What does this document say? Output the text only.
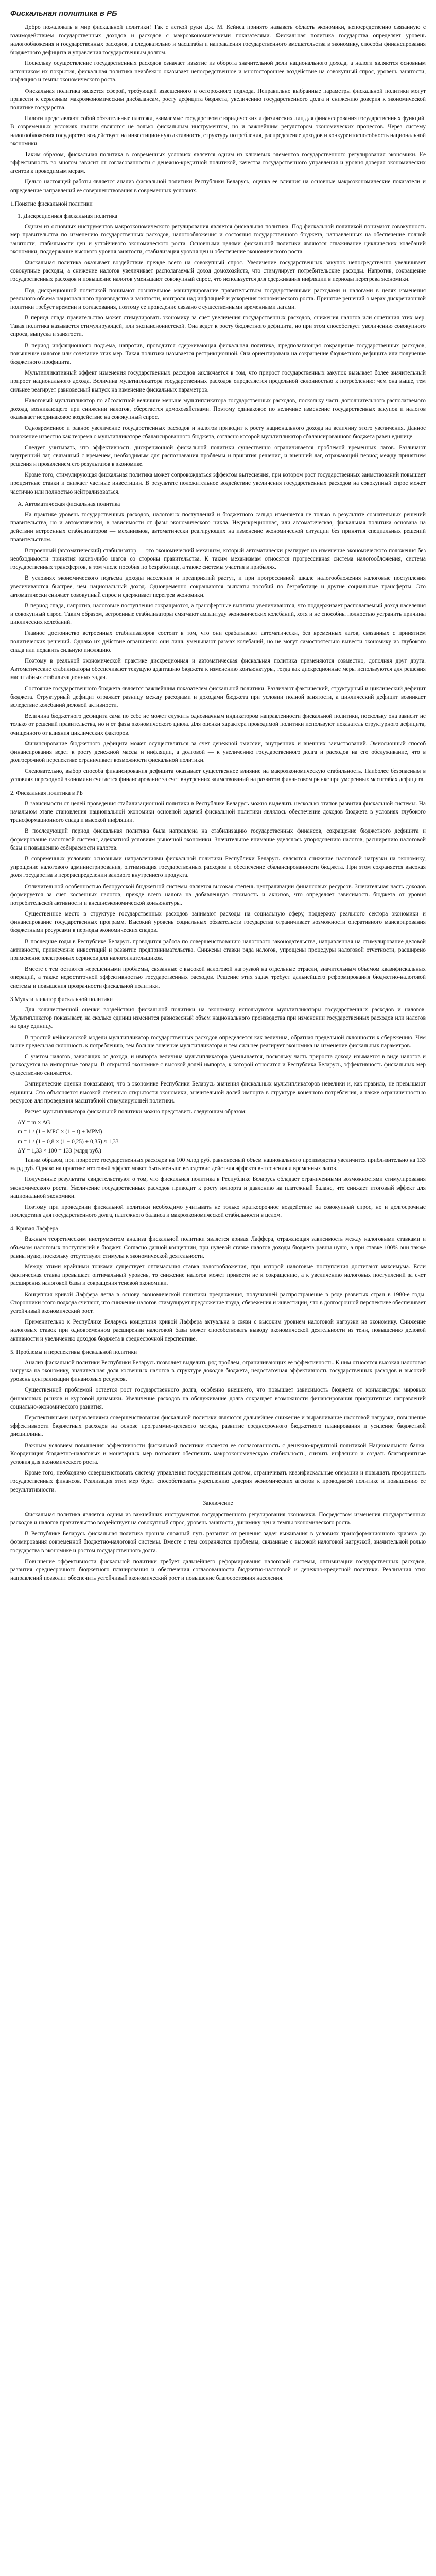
Фискальная политика в РБ

Добро пожаловать в мир фискальной политики! Так с легкой руки Дж. М. Кейнса принято называть область экономики, непосредственно связанную с взаимодействием государственных доходов и расходов с макроэкономическими показателями. Фискальная политика государства определяет уровень налогообложения и государственных расходов, а следовательно и масштабы и направления государственного вмешательства в экономику, способы финансирования бюджетного дефицита и управления государственным долгом.

Поскольку осуществление государственных расходов означает изъятие из оборота значительной доли национального дохода, а налоги являются основным источником их покрытия, фискальная политика неизбежно оказывает непосредственное и многостороннее воздействие на совокупный спрос, уровень занятости, инфляцию и темпы экономического роста.

Фискальная политика является сферой, требующей взвешенного и осторожного подхода. Неправильно выбранные параметры фискальной политики могут привести к серьезным макроэкономическим дисбалансам, росту дефицита бюджета, увеличению государственного долга и снижению доверия к экономической политике государства.

Налоги представляют собой обязательные платежи, взимаемые государством с юридических и физических лиц для финансирования государственных функций. В современных условиях налоги являются не только фискальным инструментом, но и важнейшим регулятором экономических процессов. Через систему налогообложения государство воздействует на инвестиционную активность, структуру потребления, распределение доходов и конкурентоспособность национальной экономики.

Таким образом, фискальная политика в современных условиях является одним из ключевых элементов государственного регулирования экономики. Ее эффективность во многом зависит от согласованности с денежно-кредитной политикой, качества государственного управления и уровня доверия экономических агентов к проводимым мерам.

Целью настоящей работы является анализ фискальной политики Республики Беларусь, оценка ее влияния на основные макроэкономические показатели и определение направлений ее совершенствования в современных условиях.

1.Понятие фискальной политики

1. Дискреционная фискальная политика

Одним из основных инструментов макроэкономического регулирования является фискальная политика. Под фискальной политикой понимают совокупность мер правительства по изменению государственных расходов, налогообложения и состояния государственного бюджета, направленных на обеспечение полной занятости, стабильности цен и устойчивого экономического роста. Основными целями фискальной политики являются сглаживание циклических колебаний экономики, поддержание высокого уровня занятости, стабилизация уровня цен и обеспечение экономического роста.

Фискальная политика оказывает воздействие прежде всего на совокупный спрос. Увеличение государственных закупок непосредственно увеличивает совокупные расходы, а снижение налогов увеличивает располагаемый доход домохозяйств, что стимулирует потребительские расходы. Напротив, сокращение государственных расходов и повышение налогов уменьшают совокупный спрос, что используется для сдерживания инфляции в периоды перегрева экономики.

Под дискреционной политикой понимают сознательное манипулирование правительством государственными расходами и налогами в целях изменения реального объема национального производства и занятости, контроля над инфляцией и ускорения экономического роста. Принятие решений о мерах дискреционной политики требует времени и согласования, поэтому ее проведение связано с существенными временными лагами.

В период спада правительство может стимулировать экономику за счет увеличения государственных расходов, снижения налогов или сочетания этих мер. Такая политика называется стимулирующей, или экспансионистской. Она ведет к росту бюджетного дефицита, но при этом способствует увеличению совокупного спроса, выпуска и занятости.

В период инфляционного подъема, напротив, проводится сдерживающая фискальная политика, предполагающая сокращение государственных расходов, повышение налогов или сочетание этих мер. Такая политика называется рестрикционной. Она ориентирована на сокращение бюджетного дефицита или получение бюджетного профицита.

Мультипликативный эффект изменения государственных расходов заключается в том, что прирост государственных закупок вызывает более значительный прирост национального дохода. Величина мультипликатора государственных расходов определяется предельной склонностью к потреблению: чем она выше, тем сильнее реагирует равновесный выпуск на изменение фискальных параметров.

Налоговый мультипликатор по абсолютной величине меньше мультипликатора государственных расходов, поскольку часть дополнительного располагаемого дохода, возникающего при снижении налогов, сберегается домохозяйствами. Поэтому одинаковое по величине изменение государственных закупок и налогов оказывает неодинаковое воздействие на совокупный спрос.

Одновременное и равное увеличение государственных расходов и налогов приводит к росту национального дохода на величину этого увеличения. Данное положение известно как теорема о мультипликаторе сбалансированного бюджета, согласно которой мультипликатор сбалансированного бюджета равен единице.

Следует учитывать, что эффективность дискреционной фискальной политики существенно ограничивается проблемой временных лагов. Различают внутренний лаг, связанный с временем, необходимым для распознавания проблемы и принятия решения, и внешний лаг, отражающий период между принятием решения и проявлением его результатов в экономике.

Кроме того, стимулирующая фискальная политика может сопровождаться эффектом вытеснения, при котором рост государственных заимствований повышает процентные ставки и снижает частные инвестиции. В результате положительное воздействие увеличения государственных расходов на совокупный спрос может частично или полностью нейтрализоваться.

А. Автоматическая фискальная политика

На практике уровень государственных расходов, налоговых поступлений и бюджетного сальдо изменяется не только в результате сознательных решений правительства, но и автоматически, в зависимости от фазы экономического цикла. Недискреционная, или автоматическая, фискальная политика основана на действии встроенных стабилизаторов — механизмов, автоматически реагирующих на изменение экономической ситуации без принятия специальных решений правительством.

Встроенный (автоматический) стабилизатор — это экономический механизм, который автоматически реагирует на изменение экономического положения без необходимости принятия каких-либо шагов со стороны правительства. К таким механизмам относятся прогрессивная система налогообложения, система государственных трансфертов, в том числе пособия по безработице, а также системы участия в прибылях.

В условиях экономического подъема доходы населения и предприятий растут, и при прогрессивной шкале налогообложения налоговые поступления увеличиваются быстрее, чем национальный доход. Одновременно сокращаются выплаты пособий по безработице и другие социальные трансферты. Это автоматически снижает совокупный спрос и сдерживает перегрев экономики.

В период спада, напротив, налоговые поступления сокращаются, а трансфертные выплаты увеличиваются, что поддерживает располагаемый доход населения и совокупный спрос. Таким образом, встроенные стабилизаторы смягчают амплитуду экономических колебаний, хотя и не способны полностью устранить причины циклических колебаний.

Главное достоинство встроенных стабилизаторов состоит в том, что они срабатывают автоматически, без временных лагов, связанных с принятием политических решений. Однако их действие ограничено: они лишь уменьшают размах колебаний, но не могут самостоятельно вывести экономику из глубокого спада или подавить сильную инфляцию.

Поэтому в реальной экономической практике дискреционная и автоматическая фискальная политика применяются совместно, дополняя друг друга. Автоматические стабилизаторы обеспечивают текущую адаптацию бюджета к изменению конъюнктуры, тогда как дискреционные меры используются для решения масштабных стабилизационных задач.

Состояние государственного бюджета является важнейшим показателем фискальной политики. Различают фактический, структурный и циклический дефицит бюджета. Структурный дефицит отражает разницу между расходами и доходами бюджета при условии полной занятости, а циклический дефицит возникает вследствие колебаний деловой активности.

Величина бюджетного дефицита сама по себе не может служить однозначным индикатором направленности фискальной политики, поскольку она зависит не только от решений правительства, но и от фазы экономического цикла. Для оценки характера проводимой политики используют показатель структурного дефицита, очищенного от влияния циклических факторов.

Финансирование бюджетного дефицита может осуществляться за счет денежной эмиссии, внутренних и внешних заимствований. Эмиссионный способ финансирования ведет к росту денежной массы и инфляции, а долговой — к увеличению государственного долга и расходов на его обслуживание, что в долгосрочной перспективе ограничивает возможности фискальной политики.

Следовательно, выбор способа финансирования дефицита оказывает существенное влияние на макроэкономическую стабильность. Наиболее безопасным в условиях переходной экономики считается финансирование за счет внутренних заимствований на развитом финансовом рынке при умеренных масштабах дефицита.

2. Фискальная политика в РБ

В зависимости от целей проведения стабилизационной политики в Республике Беларусь можно выделить несколько этапов развития фискальной системы. На начальном этапе становления национальной экономики основной задачей фискальной политики являлось обеспечение доходов бюджета в условиях глубокого трансформационного спада и высокой инфляции.

В последующий период фискальная политика была направлена на стабилизацию государственных финансов, сокращение бюджетного дефицита и формирование налоговой системы, адекватной условиям рыночной экономики. Значительное внимание уделялось упорядочению налогов, расширению налоговой базы и повышению собираемости налогов.

В современных условиях основными направлениями фискальной политики Республики Беларусь являются снижение налоговой нагрузки на экономику, упрощение налогового администрирования, оптимизация государственных расходов и обеспечение сбалансированности бюджета. При этом сохраняется высокая доля государства в перераспределении валового внутреннего продукта.

Отличительной особенностью белорусской бюджетной системы является высокая степень централизации финансовых ресурсов. Значительная часть доходов формируется за счет косвенных налогов, прежде всего налога на добавленную стоимость и акцизов, что определяет зависимость бюджета от уровня потребительской активности и внешнеэкономической конъюнктуры.

Существенное место в структуре государственных расходов занимают расходы на социальную сферу, поддержку реального сектора экономики и финансирование государственных программ. Высокий уровень социальных обязательств государства ограничивает возможности оперативного маневрирования бюджетными ресурсами в периоды экономических спадов.

В последние годы в Республике Беларусь проводится работа по совершенствованию налогового законодательства, направленная на стимулирование деловой активности, привлечение инвестиций и развитие предпринимательства. Снижены ставки ряда налогов, упрощены процедуры налоговой отчетности, расширено применение электронных сервисов для налогоплательщиков.

Вместе с тем остаются нерешенными проблемы, связанные с высокой налоговой нагрузкой на отдельные отрасли, значительным объемом квазифискальных операций, а также недостаточной эффективностью государственных расходов. Решение этих задач требует дальнейшего реформирования бюджетно-налоговой системы и повышения прозрачности фискальной политики.

3.Мультипликатор фискальной политики

Для количественной оценки воздействия фискальной политики на экономику используются мультипликаторы государственных расходов и налогов. Мультипликатор показывает, на сколько единиц изменится равновесный объем национального производства при изменении государственных расходов или налогов на одну единицу.

В простой кейнсианской модели мультипликатор государственных расходов определяется как величина, обратная предельной склонности к сбережению. Чем выше предельная склонность к потреблению, тем больше значение мультипликатора и тем сильнее реагирует экономика на изменение фискальных параметров.

С учетом налогов, зависящих от дохода, и импорта величина мультипликатора уменьшается, поскольку часть прироста дохода изымается в виде налогов и расходуется на импортные товары. В открытой экономике с высокой долей импорта, к которой относится и Республика Беларусь, эффективность фискальных мер существенно снижается.

Эмпирические оценки показывают, что в экономике Республики Беларусь значения фискальных мультипликаторов невелики и, как правило, не превышают единицы. Это объясняется высокой степенью открытости экономики, значительной долей импорта в структуре конечного потребления, а также ограниченностью ресурсов для проведения масштабной стимулирующей политики.

Расчет мультипликатора фискальной политики можно представить следующим образом:

ΔY = m × ΔG

m = 1 / (1 − MPC × (1 − t) + MPM)

m = 1 / (1 − 0,8 × (1 − 0,25) + 0,35) ≈ 1,33

ΔY = 1,33 × 100 = 133 (млрд руб.)

Таким образом, при приросте государственных расходов на 100 млрд руб. равновесный объем национального производства увеличится приблизительно на 133 млрд руб. Однако на практике итоговый эффект может быть меньше вследствие действия эффекта вытеснения и временных лагов.

Полученные результаты свидетельствуют о том, что фискальная политика в Республике Беларусь обладает ограниченными возможностями стимулирования экономического роста. Увеличение государственных расходов приводит к росту импорта и давлению на платежный баланс, что снижает итоговый эффект для национальной экономики.

Поэтому при проведении фискальной политики необходимо учитывать не только краткосрочное воздействие на совокупный спрос, но и долгосрочные последствия для государственного долга, платежного баланса и макроэкономической стабильности в целом.

4. Кривая Лаффера

Важным теоретическим инструментом анализа фискальной политики является кривая Лаффера, отражающая зависимость между налоговыми ставками и объемом налоговых поступлений в бюджет. Согласно данной концепции, при нулевой ставке налогов доходы бюджета равны нулю, а при ставке 100% они также равны нулю, поскольку отсутствуют стимулы к экономической деятельности.

Между этими крайними точками существует оптимальная ставка налогообложения, при которой налоговые поступления достигают максимума. Если фактическая ставка превышает оптимальный уровень, то снижение налогов может привести не к сокращению, а к увеличению налоговых поступлений за счет расширения налоговой базы и сокращения теневой экономики.

Концепция кривой Лаффера легла в основу экономической политики предложения, получившей распространение в ряде развитых стран в 1980-е годы. Сторонники этого подхода считают, что снижение налогов стимулирует предложение труда, сбережения и инвестиции, что в долгосрочной перспективе обеспечивает устойчивый экономический рост.

Применительно к Республике Беларусь концепция кривой Лаффера актуальна в связи с высоким уровнем налоговой нагрузки на экономику. Снижение налоговых ставок при одновременном расширении налоговой базы может способствовать выводу экономической деятельности из тени, повышению деловой активности и увеличению доходов бюджета в среднесрочной перспективе.

5. Проблемы и перспективы фискальной политики

Анализ фискальной политики Республики Беларусь позволяет выделить ряд проблем, ограничивающих ее эффективность. К ним относятся высокая налоговая нагрузка на экономику, значительная доля косвенных налогов в структуре доходов бюджета, недостаточная эффективность государственных расходов и высокий уровень централизации финансовых ресурсов.

Существенной проблемой остается рост государственного долга, особенно внешнего, что повышает зависимость бюджета от конъюнктуры мировых финансовых рынков и курсовой динамики. Увеличение расходов на обслуживание долга сокращает возможности финансирования приоритетных направлений социально-экономического развития.

Перспективными направлениями совершенствования фискальной политики являются дальнейшее снижение и выравнивание налоговой нагрузки, повышение эффективности бюджетных расходов на основе программно-целевого метода, развитие среднесрочного бюджетного планирования и усиление бюджетной дисциплины.

Важным условием повышения эффективности фискальной политики является ее согласованность с денежно-кредитной политикой Национального банка. Координация бюджетно-налоговых и монетарных мер позволяет обеспечить макроэкономическую стабильность, снизить инфляцию и создать благоприятные условия для экономического роста.

Кроме того, необходимо совершенствовать систему управления государственным долгом, ограничивать квазифискальные операции и повышать прозрачность государственных финансов. Реализация этих мер будет способствовать укреплению доверия экономических агентов к проводимой политике и повышению ее результативности.

Заключение

Фискальная политика является одним из важнейших инструментов государственного регулирования экономики. Посредством изменения государственных расходов и налогов правительство воздействует на совокупный спрос, уровень занятости, динамику цен и темпы экономического роста.

В Республике Беларусь фискальная политика прошла сложный путь развития от решения задач выживания в условиях трансформационного кризиса до формирования современной бюджетно-налоговой системы. Вместе с тем сохраняются проблемы, связанные с высокой налоговой нагрузкой, значительной ролью государства в экономике и ростом государственного долга.

Повышение эффективности фискальной политики требует дальнейшего реформирования налоговой системы, оптимизации государственных расходов, развития среднесрочного бюджетного планирования и обеспечения согласованности бюджетно-налоговой и денежно-кредитной политики. Реализация этих направлений позволит обеспечить устойчивый экономический рост и повышение благосостояния населения.
